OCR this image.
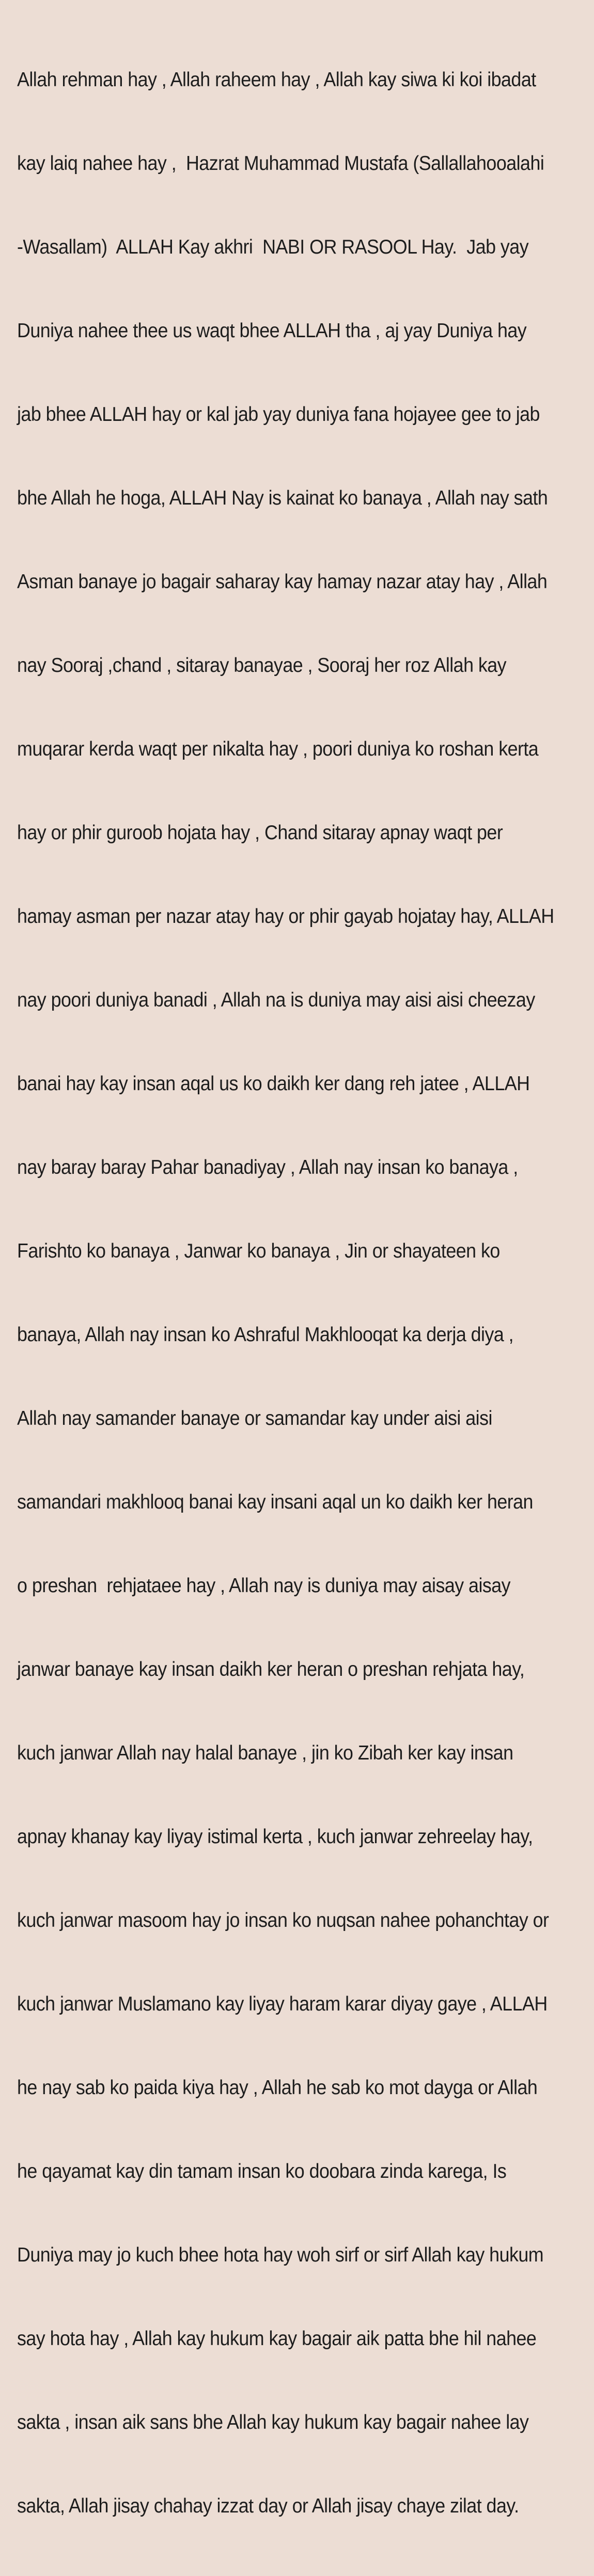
Allah rehman hay , Allah raheem hay , Allah kay siwa ki koi ibadat

kay laiq nahee hay ,  Hazrat Muhammad Mustafa (Sallallahooalahi

-Wasallam)  ALLAH Kay akhri  NABI OR RASOOL Hay.  Jab yay

Duniya nahee thee us waqt bhee ALLAH tha , aj yay Duniya hay

jab bhee ALLAH hay or kal jab yay duniya fana hojayee gee to jab

bhe Allah he hoga, ALLAH Nay is kainat ko banaya , Allah nay sath

Asman banaye jo bagair saharay kay hamay nazar atay hay , Allah

nay Sooraj ,chand , sitaray banayae , Sooraj her roz Allah kay

muqarar kerda waqt per nikalta hay , poori duniya ko roshan kerta

hay or phir guroob hojata hay , Chand sitaray apnay waqt per

hamay asman per nazar atay hay or phir gayab hojatay hay, ALLAH

nay poori duniya banadi , Allah na is duniya may aisi aisi cheezay

banai hay kay insan aqal us ko daikh ker dang reh jatee , ALLAH

nay baray baray Pahar banadiyay , Allah nay insan ko banaya ,

Farishto ko banaya , Janwar ko banaya , Jin or shayateen ko

banaya, Allah nay insan ko Ashraful Makhlooqat ka derja diya ,

Allah nay samander banaye or samandar kay under aisi aisi

samandari makhlooq banai kay insani aqal un ko daikh ker heran

o preshan  rehjataee hay , Allah nay is duniya may aisay aisay

janwar banaye kay insan daikh ker heran o preshan rehjata hay,

kuch janwar Allah nay halal banaye , jin ko Zibah ker kay insan

apnay khanay kay liyay istimal kerta , kuch janwar zehreelay hay,

kuch janwar masoom hay jo insan ko nuqsan nahee pohanchtay or

kuch janwar Muslamano kay liyay haram karar diyay gaye , ALLAH

he nay sab ko paida kiya hay , Allah he sab ko mot dayga or Allah

he qayamat kay din tamam insan ko doobara zinda karega, Is

Duniya may jo kuch bhee hota hay woh sirf or sirf Allah kay hukum

say hota hay , Allah kay hukum kay bagair aik patta bhe hil nahee

sakta , insan aik sans bhe Allah kay hukum kay bagair nahee lay

sakta, Allah jisay chahay izzat day or Allah jisay chaye zilat day.
